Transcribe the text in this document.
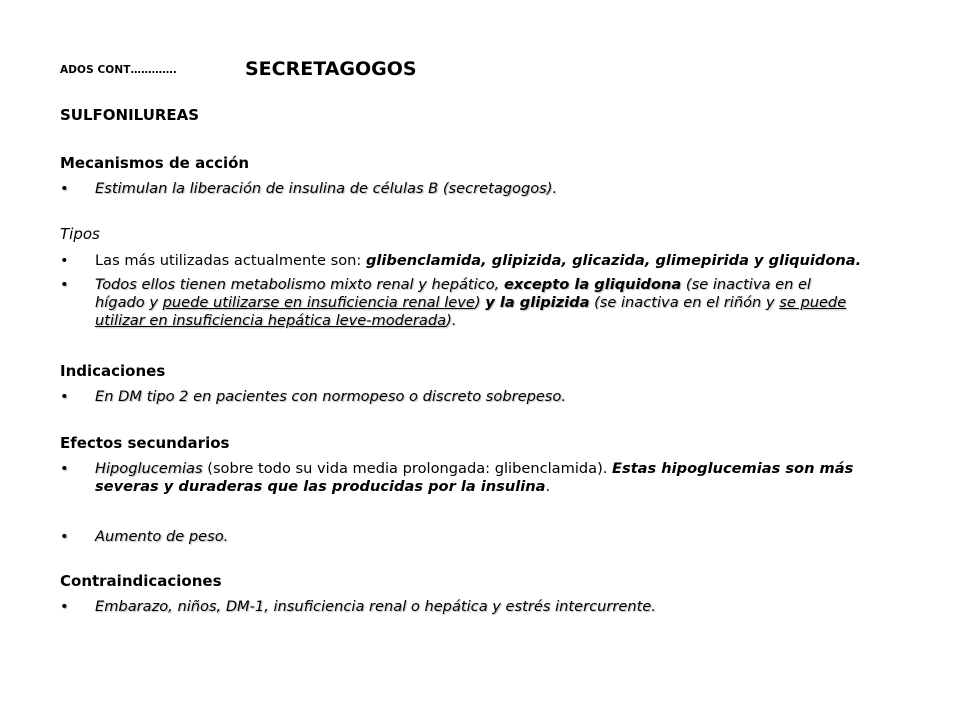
ADOS CONT………….	SECRETAGOGOS
SULFONILUREAS
Mecanismos de acción
• Estimulan la liberación de insulina de células B (secretagogos).
Tipos
• Las más utilizadas actualmente son: glibenclamida, glipizida, glicazida, glimepirida y gliquidona.
• Todos ellos tienen metabolismo mixto renal y hepático, excepto la gliquidona (se inactiva en el
hígado y puede utilizarse en insuficiencia renal leve) y la glipizida (se inactiva en el riñón y se puede
utilizar en insuficiencia hepática leve-moderada).
Indicaciones
• En DM tipo 2 en pacientes con normopeso o discreto sobrepeso.
Efectos secundarios
• Hipoglucemias (sobre todo su vida media prolongada: glibenclamida). Estas hipoglucemias son más
severas y duraderas que las producidas por la insulina.
• Aumento de peso.
Contraindicaciones
• Embarazo, niños, DM-1, insuficiencia renal o hepática y estrés intercurrente.
